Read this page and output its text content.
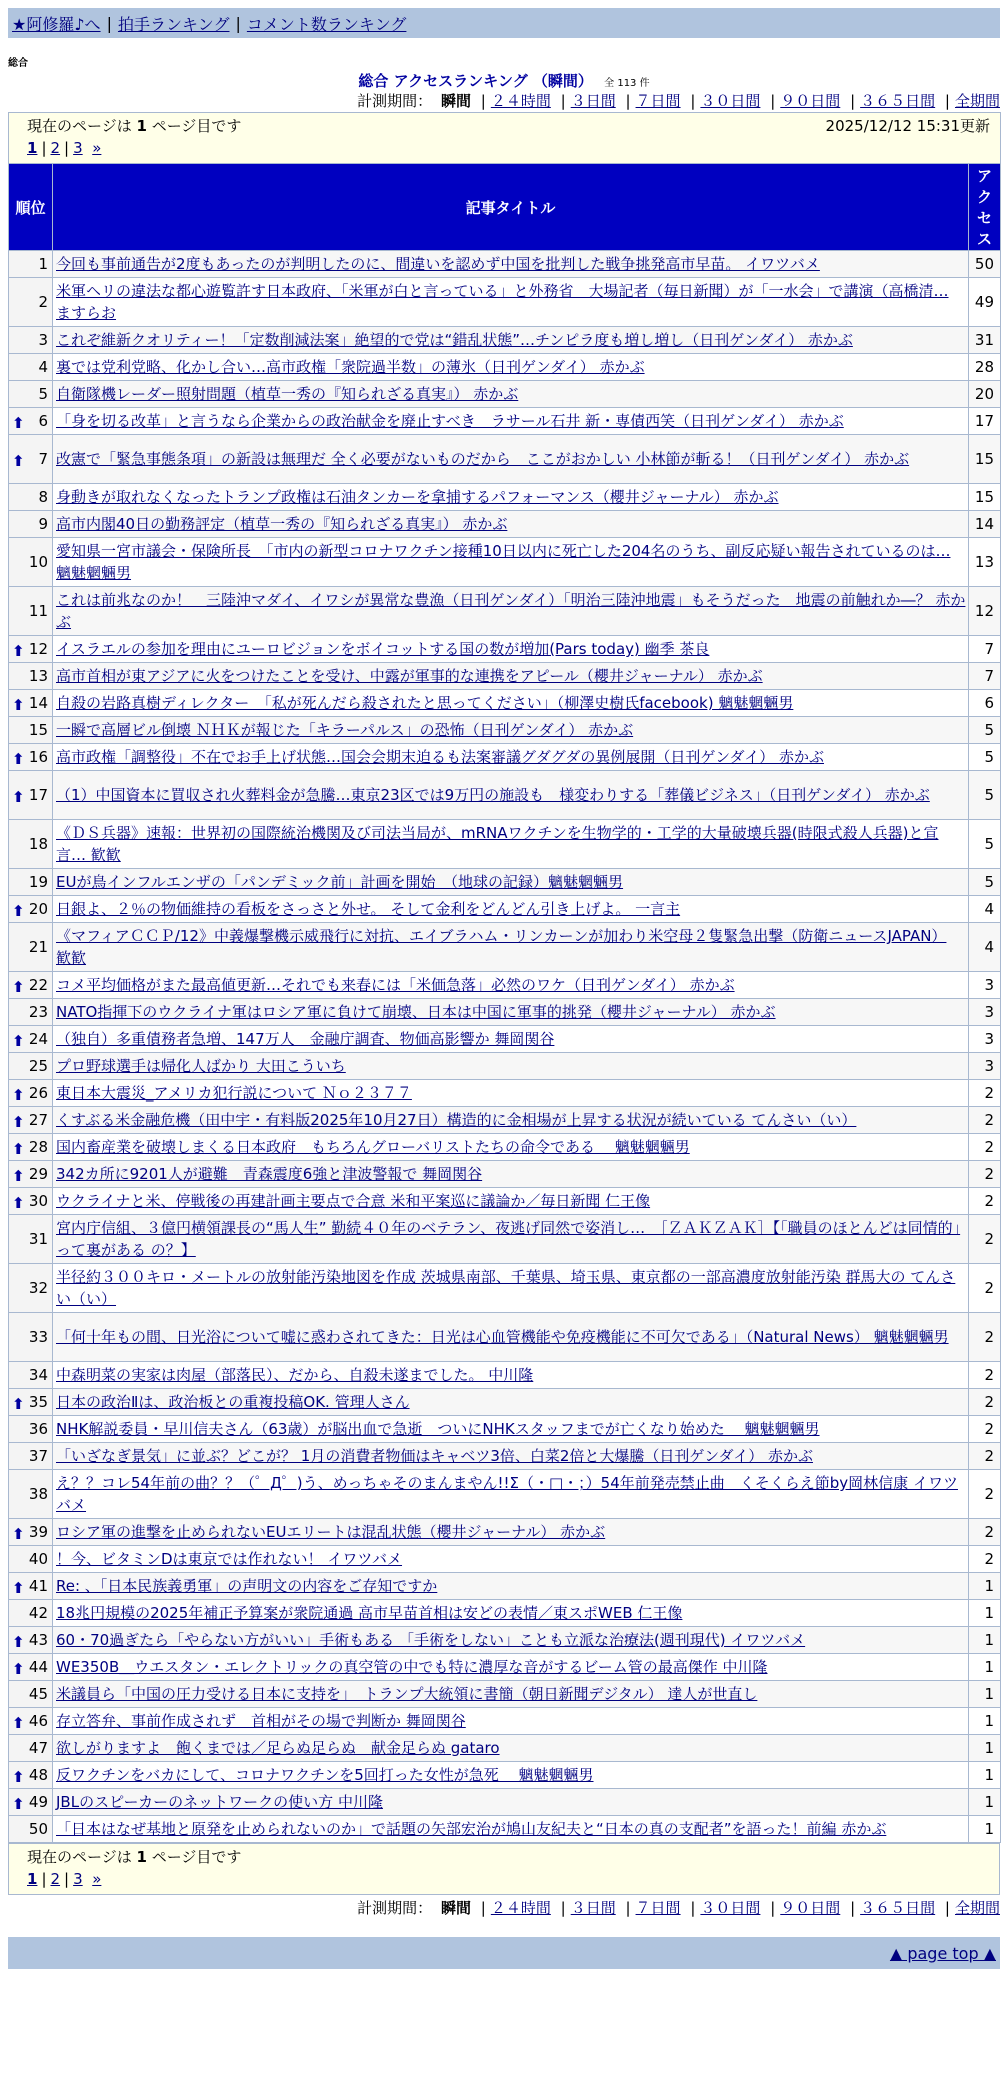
★阿修羅♪へ | 拍手ランキング | コメント数ランキング
総合
総合 アクセスランキング （瞬間） 全 113 件
計測期間： 瞬間 | ２４時間 | ３日間 | ７日間 | ３０日間 | ９０日間 | ３６５日間 | 全期間
現在のページは 1 ページ目です 2025/12/12 15:31更新
1 | 2 | 3 »		

順位	記事タイトル	アクセス
1	今回も事前通告が2度もあったのが判明したのに、間違いを認めず中国を批判した戦争挑発高市早苗。 イワツバメ	50
2	米軍ヘリの違法な都心遊覧許す日本政府、「米軍が白と言っている」と外務省　大場記者（毎日新聞）が「一水会」で講演（高橋清… ますらお	49
3	これぞ維新クオリティー！「定数削減法案」絶望的で党は“錯乱状態”…チンピラ度も増し増し（日刊ゲンダイ） 赤かぶ	31
4	裏では党利党略、化かし合い…高市政権「衆院過半数」の薄氷（日刊ゲンダイ） 赤かぶ	28
5	自衛隊機レーダー照射問題（植草一秀の『知られざる真実』） 赤かぶ	20

⬆ 6	「身を切る改革」と言うなら企業からの政治献金を廃止すべき　ラサール石井 新・専債西笑（日刊ゲンダイ） 赤かぶ	17

⬆ 7	改憲で「緊急事態条項」の新設は無理だ 全く必要がないものだから　ここがおかしい 小林節が斬る！（日刊ゲンダイ） 赤かぶ	15
8	身動きが取れなくなったトランプ政権は石油タンカーを拿捕するパフォーマンス（櫻井ジャーナル） 赤かぶ	15
9	高市内閣40日の勤務評定（植草一秀の『知られざる真実』） 赤かぶ	14
10	愛知県一宮市議会・保険所長　「市内の新型コロナワクチン接種10日以内に死亡した204名のうち、副反応疑い報告されているのは… 魑魅魍魎男	13
11	これは前兆なのか！　三陸沖マダイ、イワシが異常な豊漁（日刊ゲンダイ）「明治三陸沖地震」もそうだった　地震の前触れか―？ 赤かぶ	12

⬆ 12	イスラエルの参加を理由にユーロビジョンをボイコットする国の数が増加(Pars today) 幽季 茶良	7
13	高市首相が東アジアに火をつけたことを受け、中露が軍事的な連携をアピール（櫻井ジャーナル） 赤かぶ	7

⬆ 14	自殺の岩路真樹ディレクター　「私が死んだら殺されたと思ってください」（柳澤史樹氏facebook) 魑魅魍魎男	6
15	一瞬で高層ビル倒壊 ＮＨＫが報じた「キラーパルス」の恐怖（日刊ゲンダイ） 赤かぶ	5

⬆ 16	高市政権「調整役」不在でお手上げ状態…国会会期末迫るも法案審議グダグダの異例展開（日刊ゲンダイ） 赤かぶ	5

⬆ 17	（1）中国資本に買収され火葬料金が急騰…東京23区では9万円の施設も　様変わりする「葬儀ビジネス」（日刊ゲンダイ） 赤かぶ	5
18	《ＤＳ兵器》速報：世界初の国際統治機関及び司法当局が、mRNAワクチンを生物学的・工学的大量破壊兵器(時限式殺人兵器)と宣言… 歓歓	5
19	EUが鳥インフルエンザの「パンデミック前」計画を開始　（地球の記録）魑魅魍魎男	5

⬆ 20	日銀よ、２％の物価維持の看板をさっさと外せ。 そして金利をどんどん引き上げよ。 一言主	4
21	《マフィアＣＣＰ/12》中義爆撃機示威飛行に対抗、エイブラハム・リンカーンが加わり米空母２隻緊急出撃（防衛ニュースJAPAN） 歓歓	4

⬆ 22	コメ平均価格がまた最高値更新…それでも来春には「米価急落」必然のワケ（日刊ゲンダイ） 赤かぶ	3
23	NATO指揮下のウクライナ軍はロシア軍に負けて崩壊、日本は中国に軍事的挑発（櫻井ジャーナル） 赤かぶ	3

⬆ 24	（独自）多重債務者急増、147万人　金融庁調査、物価高影響か 舞岡関谷	3
25	プロ野球選手は帰化人ばかり 大田こういち	3

⬆ 26	東日本大震災_アメリカ犯行説について Ｎｏ２３７７	2

⬆ 27	くすぶる米金融危機（田中宇・有料版2025年10月27日）構造的に金相場が上昇する状況が続いている てんさい（い）	2

⬆ 28	国内畜産業を破壊しまくる日本政府　もちろんグローバリストたちの命令である　 魑魅魍魎男	2

⬆ 29	342カ所に9201人が避難　青森震度6強と津波警報で 舞岡関谷	2

⬆ 30	ウクライナと米、停戦後の再建計画主要点で合意 米和平案巡に議論か／毎日新聞 仁王像	2
31	宮内庁信組、３億円横領課長の“馬人生” 勤続４０年のベテラン、夜逃げ同然で姿消し…　［ＺＡＫＺＡＫ］【「職員のほとんどは同情的」って裏がある の？】	2
32	半径約３００キロ・メートルの放射能汚染地図を作成 茨城県南部、千葉県、埼玉県、東京都の一部高濃度放射能汚染 群馬大の てんさい（い）	2
33	「何十年もの間、日光浴について嘘に惑わされてきた：日光は心血管機能や免疫機能に不可欠である」（Natural News） 魑魅魍魎男	2
34	中森明菜の実家は肉屋（部落民）、だから、自殺未遂までした。 中川隆	2

⬆ 35	日本の政治Ⅱは、政治板との重複投稿OK. 管理人さん	2
36	NHK解説委員・早川信夫さん（63歳）が脳出血で急逝　ついにNHKスタッフまでが亡くなり始めた　 魑魅魍魎男	2
37	「いざなぎ景気」に並ぶ？どこが？ 1月の消費者物価はキャベツ3倍、白菜2倍と大爆騰（日刊ゲンダイ） 赤かぶ	2
38	え？？コレ54年前の曲？？（゜Д゜)う、めっちゃそのまんまやん!!Σ（・□・；）54年前発売禁止曲　くそくらえ節by岡林信康 イワツバメ	2

⬆ 39	ロシア軍の進撃を止められないEUエリートは混乱状態（櫻井ジャーナル） 赤かぶ	2
40	！今、ビタミンDは東京では作れない！ イワツバメ	2

⬆ 41	Re: 、「日本民族義勇軍」の声明文の内容をご存知ですか	1
42	18兆円規模の2025年補正予算案が衆院通過 高市早苗首相は安どの表情／東スポWEB 仁王像	1

⬆ 43	60・70過ぎたら「やらない方がいい」手術もある 「手術をしない」ことも立派な治療法(週刊現代) イワツバメ	1

⬆ 44	WE350B＿ウエスタン・エレクトリックの真空管の中でも特に濃厚な音がするビーム管の最高傑作 中川隆	1
45	米議員ら「中国の圧力受ける日本に支持を」　トランプ大統領に書簡（朝日新聞デジタル） 達人が世直し	1

⬆ 46	存立答弁、事前作成されず　首相がその場で判断か 舞岡関谷	1
47	欲しがりますよ　飽くまでは／足らぬ足らぬ　献金足らぬ gataro	1

⬆ 48	反ワクチンをバカにして、コロナワクチンを5回打った女性が急死　 魑魅魍魎男	1

⬆ 49	JBLのスピーカーのネットワークの使い方 中川隆	1
50	「日本はなぜ基地と原発を止められないのか」で話題の矢部宏治が鳩山友紀夫と“日本の真の支配者”を語った！前編 赤かぶ	1
現在のページは 1 ページ目です
1 | 2 | 3 »
計測期間： 瞬間 | ２４時間 | ３日間 | ７日間 | ３０日間 | ９０日間 | ３６５日間 | 全期間
▲ page top ▲
